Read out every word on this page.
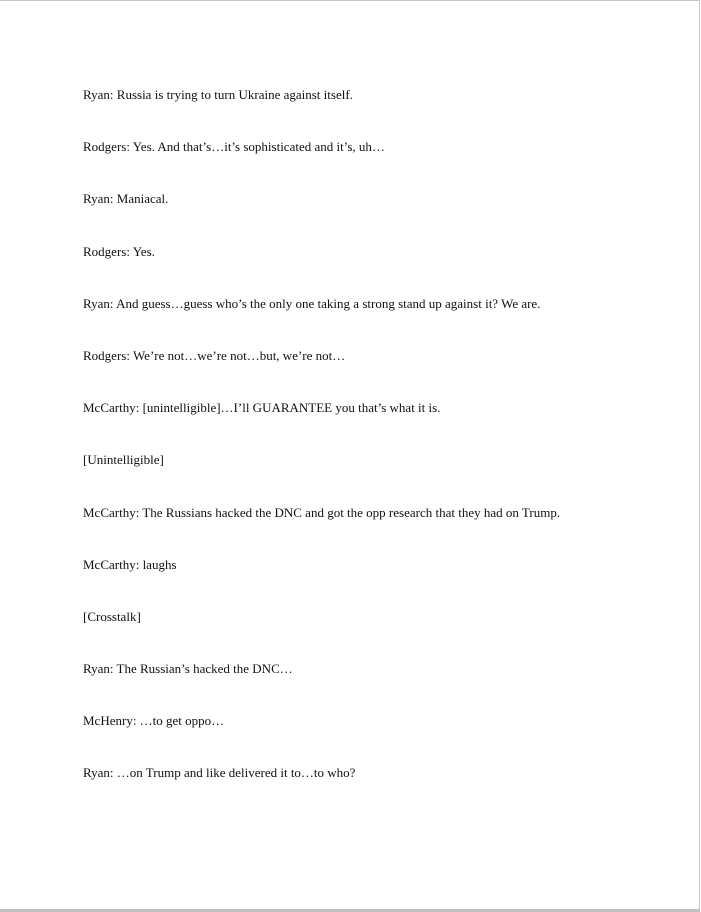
Ryan: Russia is trying to turn Ukraine against itself.
Rodgers: Yes. And that’s…it’s sophisticated and it’s, uh…
Ryan: Maniacal.
Rodgers: Yes.
Ryan: And guess…guess who’s the only one taking a strong stand up against it? We are.
Rodgers: We’re not…we’re not…but, we’re not…
McCarthy: [unintelligible]…I’ll GUARANTEE you that’s what it is.
[Unintelligible]
McCarthy: The Russians hacked the DNC and got the opp research that they had on Trump.
McCarthy: laughs
[Crosstalk]
Ryan: The Russian’s hacked the DNC…
McHenry: …to get oppo…
Ryan: …on Trump and like delivered it to…to who?
